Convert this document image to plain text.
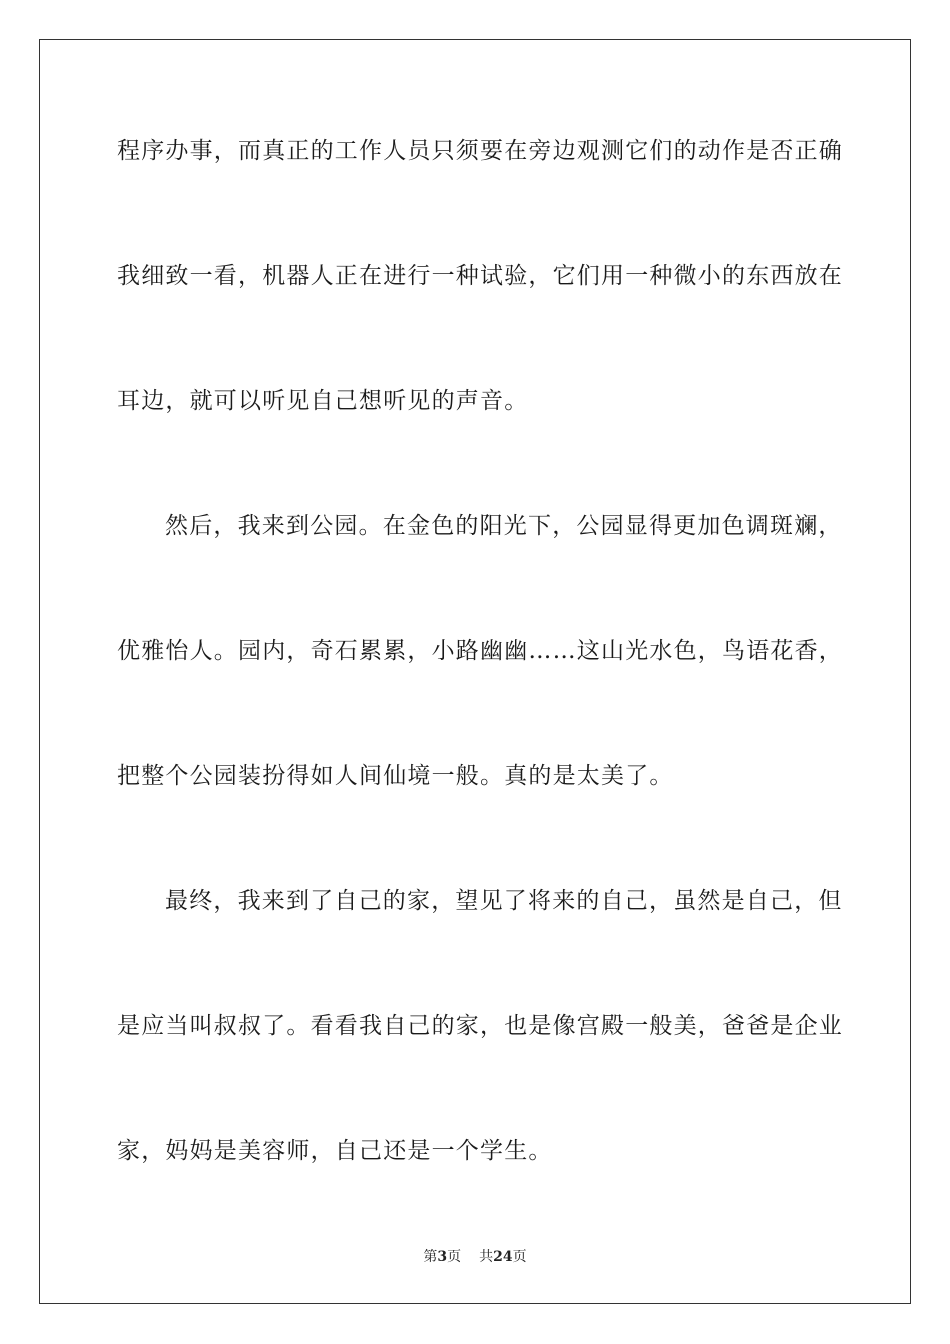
程序办事，而真正的工作人员只须要在旁边观测它们的动作是否正确
我细致一看，机器人正在进行一种试验，它们用一种微小的东西放在
耳边，就可以听见自己想听见的声音。
然后，我来到公园。在金色的阳光下，公园显得更加色调斑斓，
优雅怡人。园内，奇石累累，小路幽幽……这山光水色，鸟语花香，
把整个公园装扮得如人间仙境一般。真的是太美了。
最终，我来到了自己的家，望见了将来的自己，虽然是自己，但
是应当叫叔叔了。看看我自己的家，也是像宫殿一般美，爸爸是企业
家，妈妈是美容师，自己还是一个学生。
第3页 共24页
